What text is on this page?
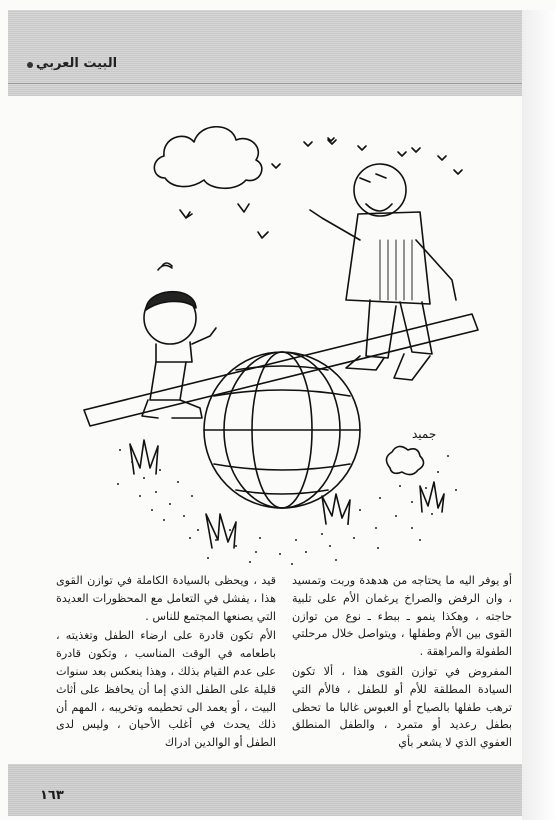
البيت العربي
جميد

أو يوفر اليه ما يحتاجه من هدهدة وربت وتمسيد ، وان الرفض والصراخ يرغمان الأم على تلبية حاجته ، وهكذا ينمو ـ ببطء ـ نوع من توازن القوى بين الأم وطفلها ، ويتواصل خلال مرحلتي الطفولة والمراهقة .

المفروض في توازن القوى هذا ، ألا تكون السيادة المطلقة للأم أو للطفل ، فالأم التي ترهب طفلها بالصياح أو العبوس غالبا ما تحظى بطفل رعديد أو متمرد ، والطفل المنطلق العفوي الذي لا يشعر بأي

قيد ، ويحظى بالسيادة الكاملة في توازن القوى هذا ، يفشل في التعامل مع المحظورات العديدة التي يصنعها المجتمع للناس .

الأم تكون قادرة على ارضاء الطفل وتغذيته ، باطعامه في الوقت المناسب ، وتكون قادرة على عدم القيام بذلك ، وهذا ينعكس بعد سنوات قليلة على الطفل الذي إما أن يحافظ على أثاث البيت ، أو يعمد الى تحطيمه وتخريبه ، المهم أن ذلك يحدث في أغلب الأحيان ، وليس لدى الطفل أو الوالدين ادراك

١٦٣
